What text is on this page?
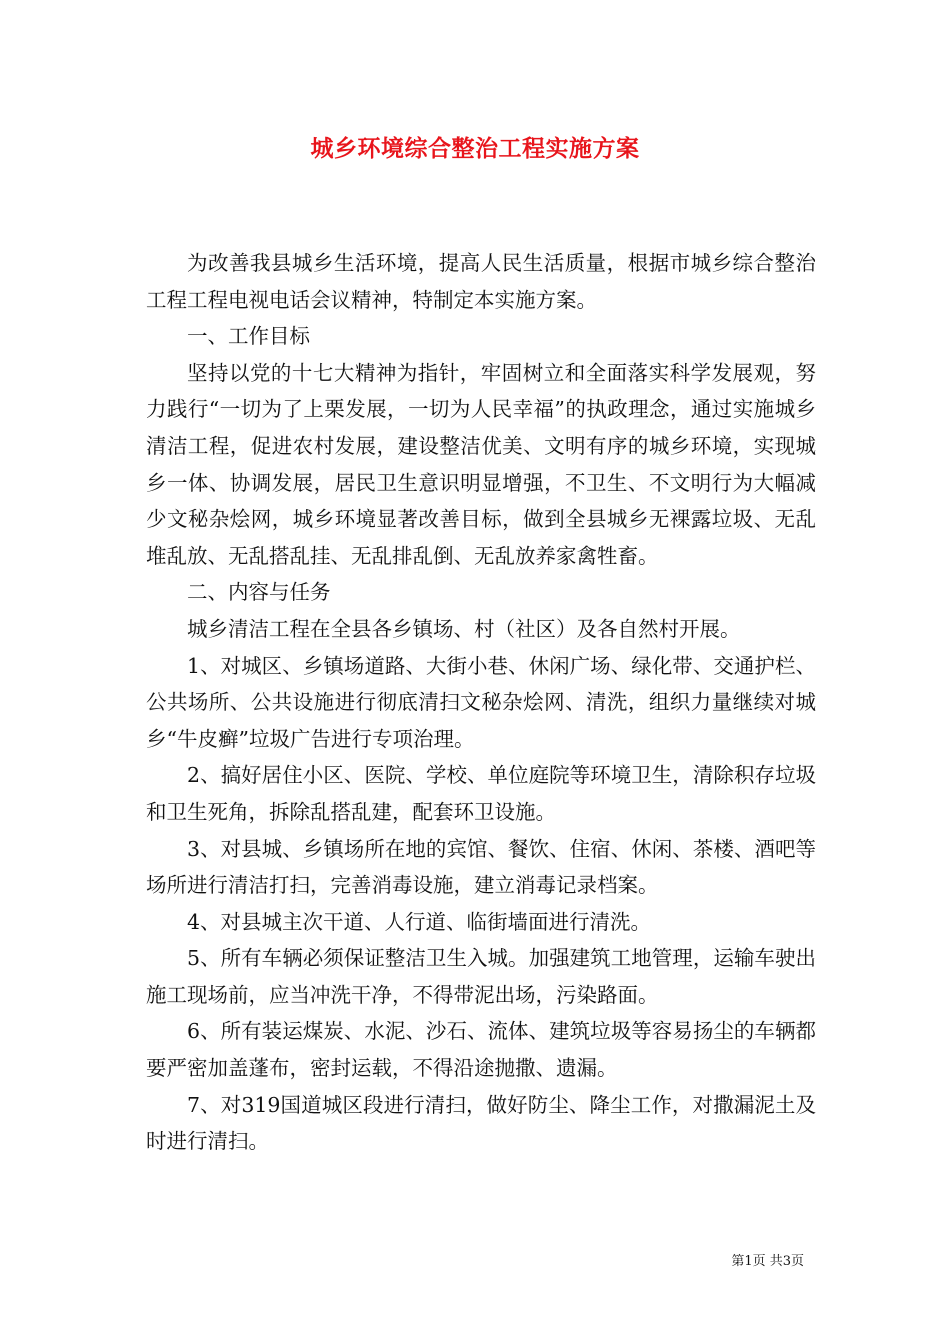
城乡环境综合整治工程实施方案

为改善我县城乡生活环境，提高人民生活质量，根据市城乡综合整治工程工程电视电话会议精神，特制定本实施方案。

一、工作目标

坚持以党的十七大精神为指针，牢固树立和全面落实科学发展观，努力践行“一切为了上栗发展，一切为人民幸福”的执政理念，通过实施城乡清洁工程，促进农村发展，建设整洁优美、文明有序的城乡环境，实现城乡一体、协调发展，居民卫生意识明显增强，不卫生、不文明行为大幅减少文秘杂烩网，城乡环境显著改善目标，做到全县城乡无裸露垃圾、无乱堆乱放、无乱搭乱挂、无乱排乱倒、无乱放养家禽牲畜。

二、内容与任务

城乡清洁工程在全县各乡镇场、村（社区）及各自然村开展。

1、对城区、乡镇场道路、大街小巷、休闲广场、绿化带、交通护栏、公共场所、公共设施进行彻底清扫文秘杂烩网、清洗，组织力量继续对城乡“牛皮癣”垃圾广告进行专项治理。

2、搞好居住小区、医院、学校、单位庭院等环境卫生，清除积存垃圾和卫生死角，拆除乱搭乱建，配套环卫设施。

3、对县城、乡镇场所在地的宾馆、餐饮、住宿、休闲、茶楼、酒吧等场所进行清洁打扫，完善消毒设施，建立消毒记录档案。

4、对县城主次干道、人行道、临街墙面进行清洗。

5、所有车辆必须保证整洁卫生入城。加强建筑工地管理，运输车驶出施工现场前，应当冲洗干净，不得带泥出场，污染路面。

6、所有装运煤炭、水泥、沙石、流体、建筑垃圾等容易扬尘的车辆都要严密加盖蓬布，密封运载，不得沿途抛撒、遗漏。

7、对319国道城区段进行清扫，做好防尘、降尘工作，对撒漏泥土及时进行清扫。

第1页 共3页
